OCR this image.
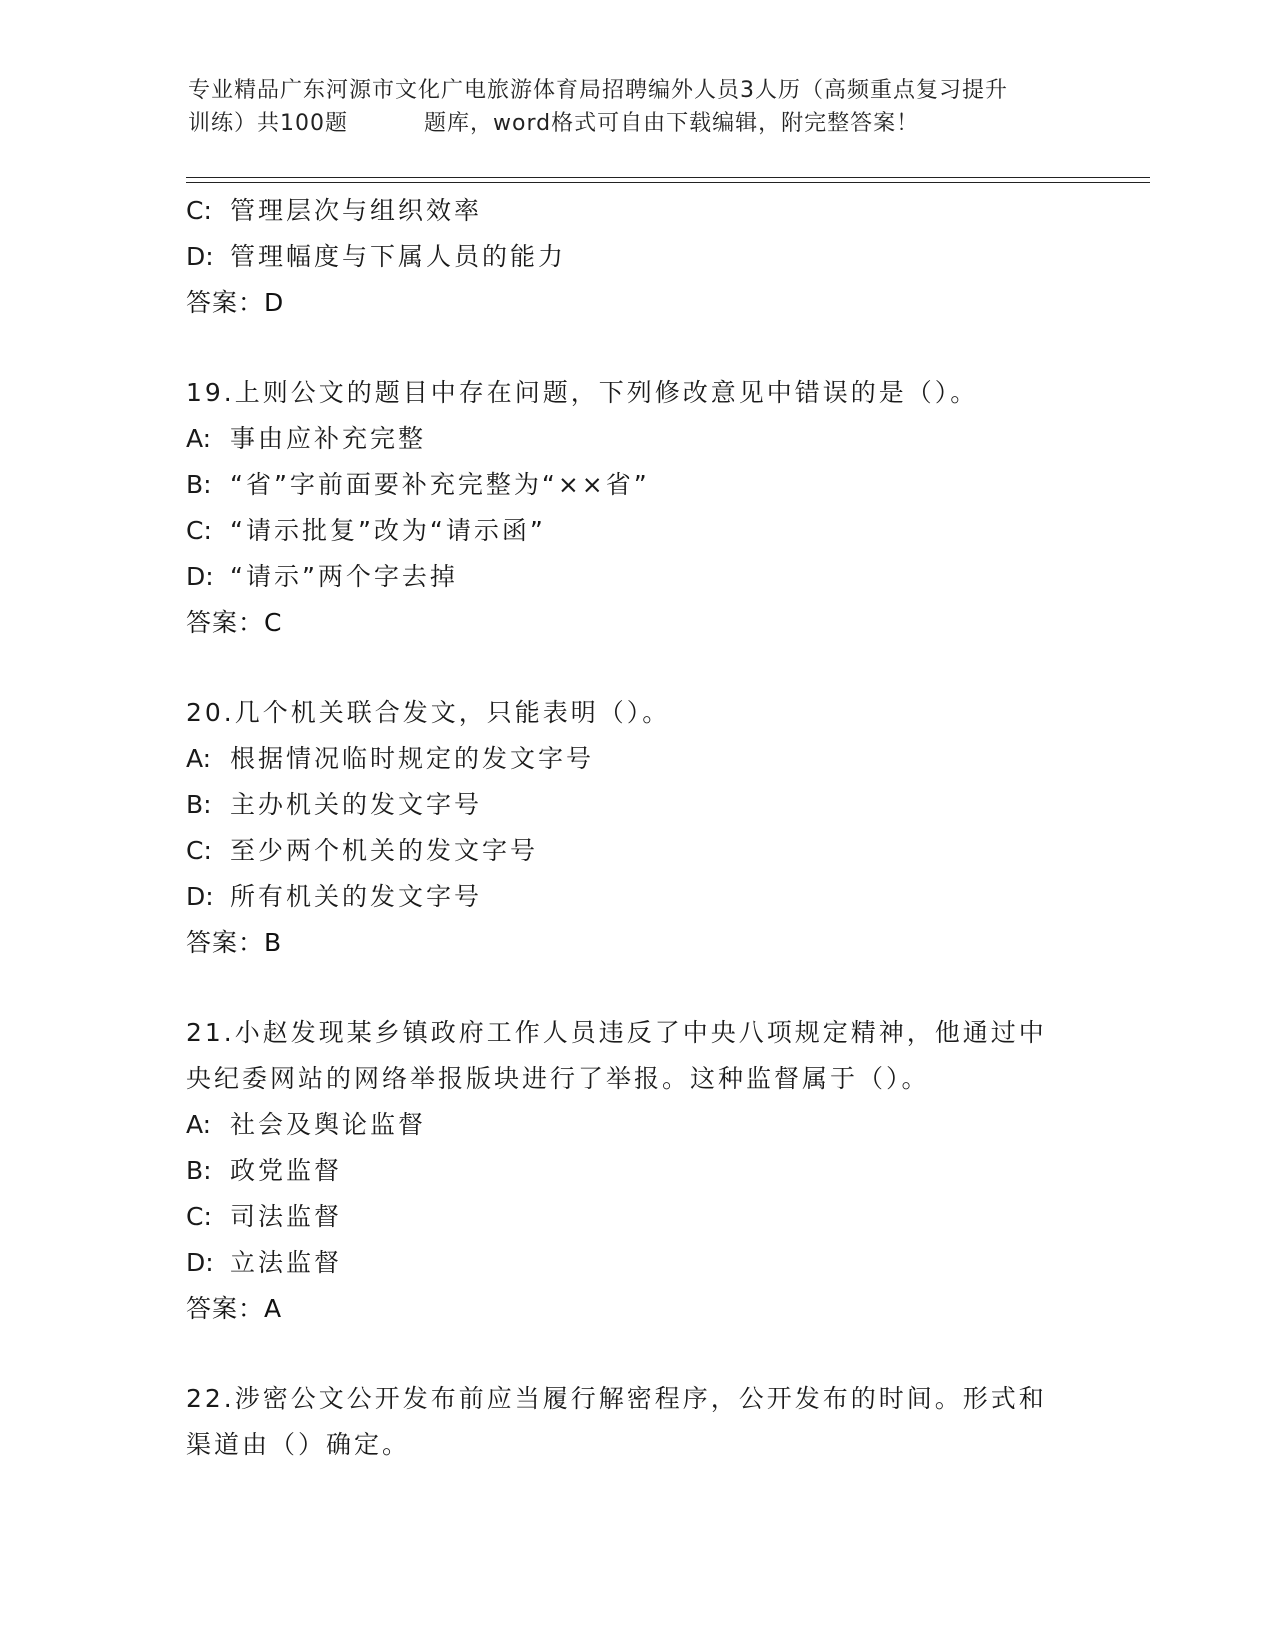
专业精品广东河源市文化广电旅游体育局招聘编外人员3人历（高频重点复习提升
训练）共100题	题库，word格式可自由下载编辑，附完整答案！
C: 管理层次与组织效率
D: 管理幅度与下属人员的能力
答案：D
19.上则公文的题目中存在问题，下列修改意见中错误的是（）。
A: 事由应补充完整
B: “省”字前面要补充完整为“××省”
C: “请示批复”改为“请示函”
D: “请示”两个字去掉
答案：C
20.几个机关联合发文，只能表明（）。
A: 根据情况临时规定的发文字号
B: 主办机关的发文字号
C: 至少两个机关的发文字号
D: 所有机关的发文字号
答案：B
21.小赵发现某乡镇政府工作人员违反了中央八项规定精神，他通过中
央纪委网站的网络举报版块进行了举报。这种监督属于（）。
A: 社会及舆论监督
B: 政党监督
C: 司法监督
D: 立法监督
答案：A
22.涉密公文公开发布前应当履行解密程序，公开发布的时间。形式和
渠道由（）确定。
